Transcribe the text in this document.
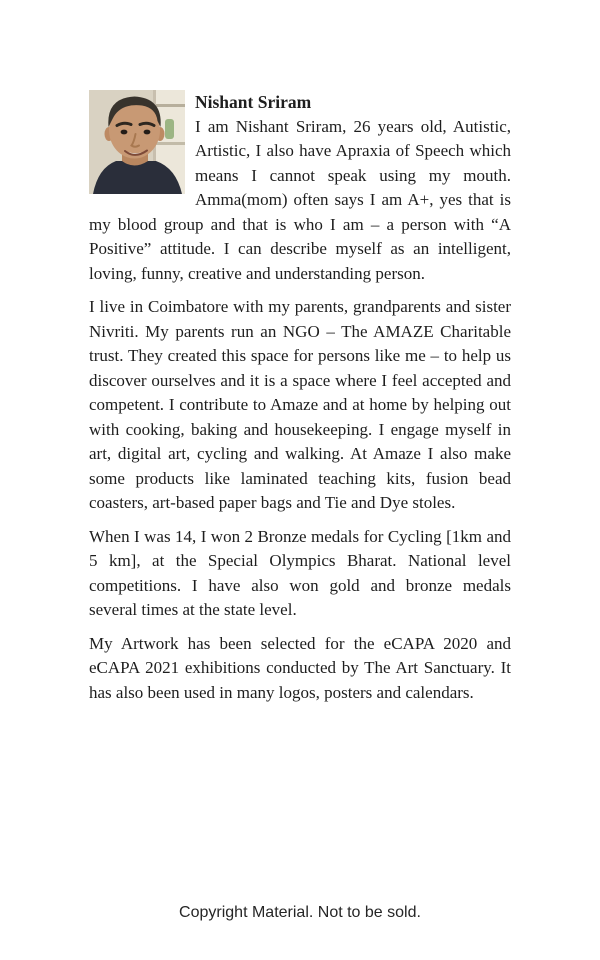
Nishant Sriram

I am Nishant Sriram, 26 years old, Autistic, Artistic, I also have Apraxia of Speech which means I cannot speak using my mouth. Amma(mom) often says I am A+, yes that is my blood group and that is who I am – a person with “A Positive” attitude. I can describe myself as an intelligent, loving, funny, creative and understanding person.

I live in Coimbatore with my parents, grandparents and sister Nivriti. My parents run an NGO – The AMAZE Charitable trust. They created this space for persons like me – to help us discover ourselves and it is a space where I feel accepted and competent. I contribute to Amaze and at home by helping out with cooking, baking and housekeeping. I engage myself in art, digital art, cycling and walking. At Amaze I also make some products like laminated teaching kits, fusion bead coasters, art-based paper bags and Tie and Dye stoles.

When I was 14, I won 2 Bronze medals for Cycling [1km and 5 km], at the Special Olympics Bharat. National level competitions. I have also won gold and bronze medals several times at the state level.

My Artwork has been selected for the eCAPA 2020 and eCAPA 2021 exhibitions conducted by The Art Sanctuary. It has also been used in many logos, posters and calendars.

Copyright Material. Not to be sold.
